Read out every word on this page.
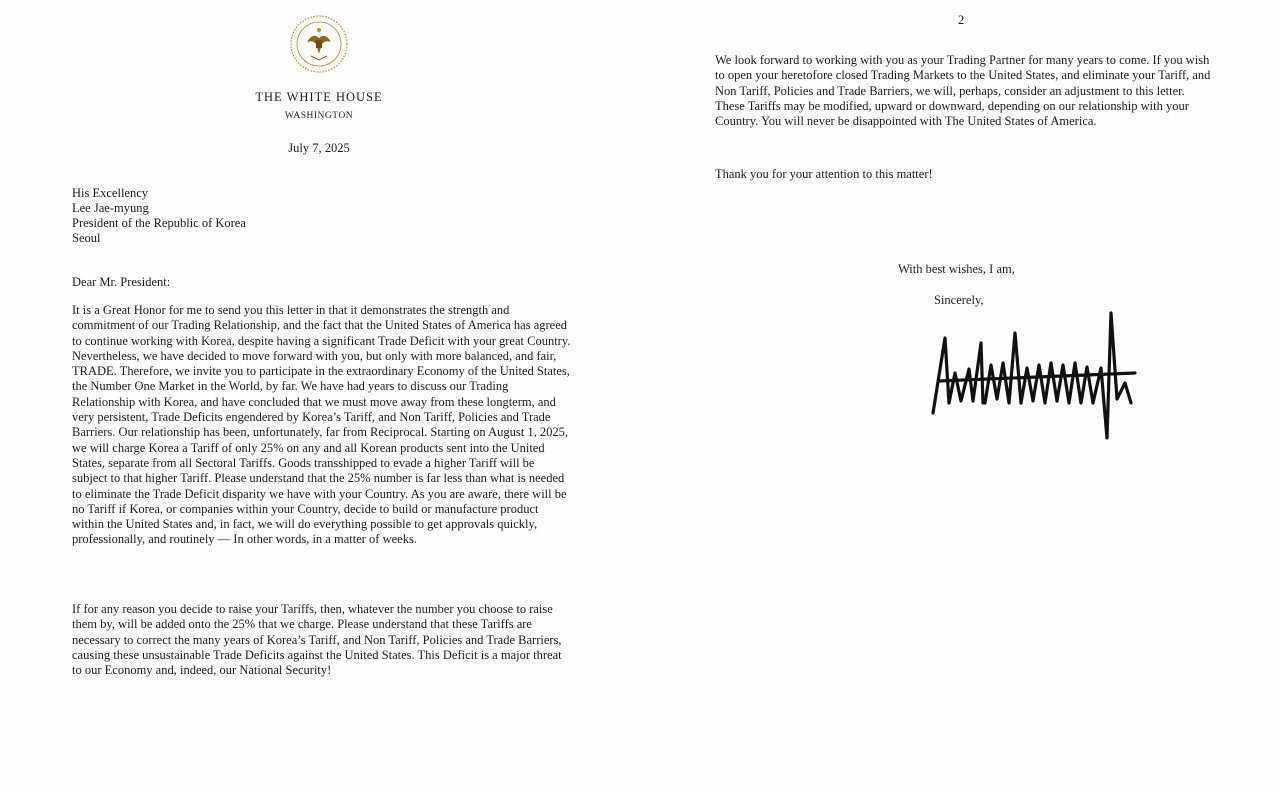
THE WHITE HOUSE
WASHINGTON
July 7, 2025
His Excellency
Lee Jae-myung
President of the Republic of Korea
Seoul
Dear Mr. President:
It is a Great Honor for me to send you this letter in that it demonstrates the strength and commitment of our Trading Relationship, and the fact that the United States of America has agreed to continue working with Korea, despite having a significant Trade Deficit with your great Country. Nevertheless, we have decided to move forward with you, but only with more balanced, and fair, TRADE. Therefore, we invite you to participate in the extraordinary Economy of the United States, the Number One Market in the World, by far. We have had years to discuss our Trading Relationship with Korea, and have concluded that we must move away from these longterm, and very persistent, Trade Deficits engendered by Korea’s Tariff, and Non Tariff, Policies and Trade Barriers. Our relationship has been, unfortunately, far from Reciprocal. Starting on August 1, 2025, we will charge Korea a Tariff of only 25% on any and all Korean products sent into the United States, separate from all Sectoral Tariffs. Goods transshipped to evade a higher Tariff will be subject to that higher Tariff. Please understand that the 25% number is far less than what is needed to eliminate the Trade Deficit disparity we have with your Country. As you are aware, there will be no Tariff if Korea, or companies within your Country, decide to build or manufacture product within the United States and, in fact, we will do everything possible to get approvals quickly, professionally, and routinely — In other words, in a matter of weeks.
If for any reason you decide to raise your Tariffs, then, whatever the number you choose to raise them by, will be added onto the 25% that we charge. Please understand that these Tariffs are necessary to correct the many years of Korea’s Tariff, and Non Tariff, Policies and Trade Barriers, causing these unsustainable Trade Deficits against the United States. This Deficit is a major threat to our Economy and, indeed, our National Security!
2
We look forward to working with you as your Trading Partner for many years to come. If you wish to open your heretofore closed Trading Markets to the United States, and eliminate your Tariff, and Non Tariff, Policies and Trade Barriers, we will, perhaps, consider an adjustment to this letter. These Tariffs may be modified, upward or downward, depending on our relationship with your Country. You will never be disappointed with The United States of America.
Thank you for your attention to this matter!
With best wishes, I am,
Sincerely,
